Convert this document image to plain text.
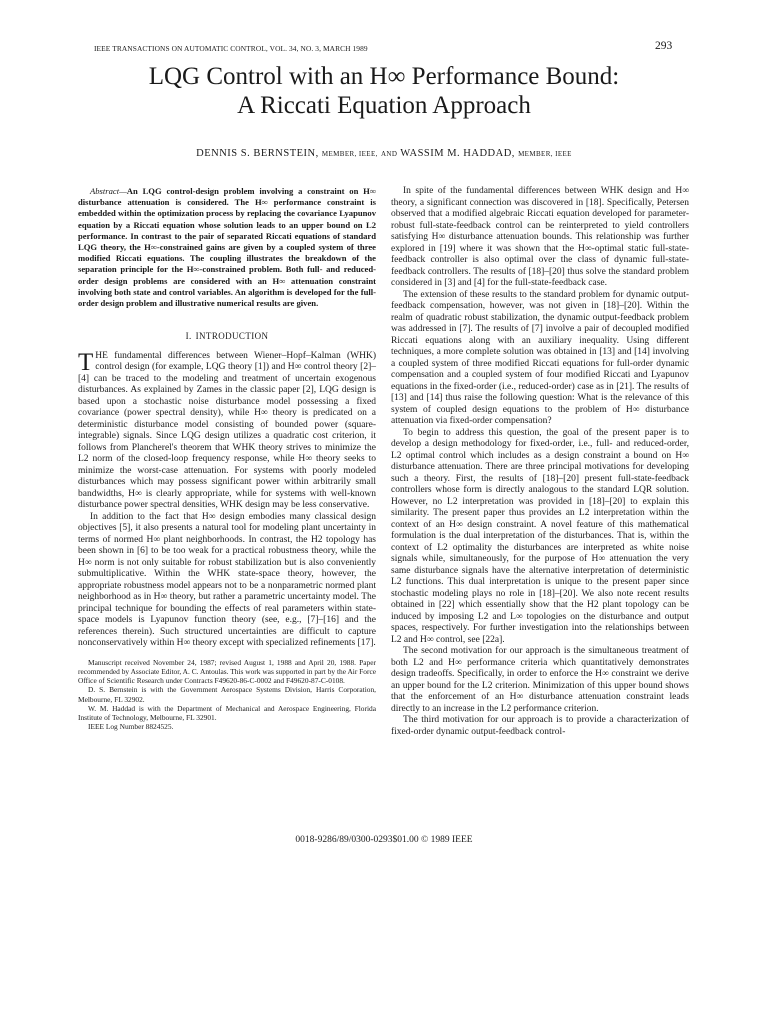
IEEE TRANSACTIONS ON AUTOMATIC CONTROL, VOL. 34, NO. 3, MARCH 1989	293
LQG Control with an H∞ Performance Bound:
A Riccati Equation Approach
DENNIS S. BERNSTEIN, MEMBER, IEEE, AND WASSIM M. HADDAD, MEMBER, IEEE

Abstract—An LQG control-design problem involving a constraint on H∞ disturbance attenuation is considered. The H∞ performance constraint is embedded within the optimization process by replacing the covariance Lyapunov equation by a Riccati equation whose solution leads to an upper bound on L2 performance. In contrast to the pair of separated Riccati equations of standard LQG theory, the H∞-constrained gains are given by a coupled system of three modified Riccati equations. The coupling illustrates the breakdown of the separation principle for the H∞-constrained problem. Both full- and reduced-order design problems are considered with an H∞ attenuation constraint involving both state and control variables. An algorithm is developed for the full-order design problem and illustrative numerical results are given.

I. INTRODUCTION

THE fundamental differences between Wiener–Hopf–Kalman (WHK) control design (for example, LQG theory [1]) and H∞ control theory [2]–[4] can be traced to the modeling and treatment of uncertain exogenous disturbances. As explained by Zames in the classic paper [2], LQG design is based upon a stochastic noise disturbance model possessing a fixed covariance (power spectral density), while H∞ theory is predicated on a deterministic disturbance model consisting of bounded power (square-integrable) signals. Since LQG design utilizes a quadratic cost criterion, it follows from Plancherel's theorem that WHK theory strives to minimize the L2 norm of the closed-loop frequency response, while H∞ theory seeks to minimize the worst-case attenuation. For systems with poorly modeled disturbances which may possess significant power within arbitrarily small bandwidths, H∞ is clearly appropriate, while for systems with well-known disturbance power spectral densities, WHK design may be less conservative.

In addition to the fact that H∞ design embodies many classical design objectives [5], it also presents a natural tool for modeling plant uncertainty in terms of normed H∞ plant neighborhoods. In contrast, the H2 topology has been shown in [6] to be too weak for a practical robustness theory, while the H∞ norm is not only suitable for robust stabilization but is also conveniently submultiplicative. Within the WHK state-space theory, however, the appropriate robustness model appears not to be a nonparametric normed plant neighborhood as in H∞ theory, but rather a parametric uncertainty model. The principal technique for bounding the effects of real parameters within state-space models is Lyapunov function theory (see, e.g., [7]–[16] and the references therein). Such structured uncertainties are difficult to capture nonconservatively within H∞ theory except with specialized refinements [17].

Manuscript received November 24, 1987; revised August 1, 1988 and April 20, 1988. Paper recommended by Associate Editor, A. C. Antoulas. This work was supported in part by the Air Force Office of Scientific Research under Contracts F49620-86-C-0002 and F49620-87-C-0108.

D. S. Bernstein is with the Government Aerospace Systems Division, Harris Corporation, Melbourne, FL 32902.

W. M. Haddad is with the Department of Mechanical and Aerospace Engineering, Florida Institute of Technology, Melbourne, FL 32901.

IEEE Log Number 8824525.

In spite of the fundamental differences between WHK design and H∞ theory, a significant connection was discovered in [18]. Specifically, Petersen observed that a modified algebraic Riccati equation developed for parameter-robust full-state-feedback control can be reinterpreted to yield controllers satisfying H∞ disturbance attenuation bounds. This relationship was further explored in [19] where it was shown that the H∞-optimal static full-state-feedback controller is also optimal over the class of dynamic full-state-feedback controllers. The results of [18]–[20] thus solve the standard problem considered in [3] and [4] for the full-state-feedback case.

The extension of these results to the standard problem for dynamic output-feedback compensation, however, was not given in [18]–[20]. Within the realm of quadratic robust stabilization, the dynamic output-feedback problem was addressed in [7]. The results of [7] involve a pair of decoupled modified Riccati equations along with an auxiliary inequality. Using different techniques, a more complete solution was obtained in [13] and [14] involving a coupled system of three modified Riccati equations for full-order dynamic compensation and a coupled system of four modified Riccati and Lyapunov equations in the fixed-order (i.e., reduced-order) case as in [21]. The results of [13] and [14] thus raise the following question: What is the relevance of this system of coupled design equations to the problem of H∞ disturbance attenuation via fixed-order compensation?

To begin to address this question, the goal of the present paper is to develop a design methodology for fixed-order, i.e., full- and reduced-order, L2 optimal control which includes as a design constraint a bound on H∞ disturbance attenuation. There are three principal motivations for developing such a theory. First, the results of [18]–[20] present full-state-feedback controllers whose form is directly analogous to the standard LQR solution. However, no L2 interpretation was provided in [18]–[20] to explain this similarity. The present paper thus provides an L2 interpretation within the context of an H∞ design constraint. A novel feature of this mathematical formulation is the dual interpretation of the disturbances. That is, within the context of L2 optimality the disturbances are interpreted as white noise signals while, simultaneously, for the purpose of H∞ attenuation the very same disturbance signals have the alternative interpretation of deterministic L2 functions. This dual interpretation is unique to the present paper since stochastic modeling plays no role in [18]–[20]. We also note recent results obtained in [22] which essentially show that the H2 plant topology can be induced by imposing L2 and L∞ topologies on the disturbance and output spaces, respectively. For further investigation into the relationships between L2 and H∞ control, see [22a].

The second motivation for our approach is the simultaneous treatment of both L2 and H∞ performance criteria which quantitatively demonstrates design tradeoffs. Specifically, in order to enforce the H∞ constraint we derive an upper bound for the L2 criterion. Minimization of this upper bound shows that the enforcement of an H∞ disturbance attenuation constraint leads directly to an increase in the L2 performance criterion.

The third motivation for our approach is to provide a characterization of fixed-order dynamic output-feedback control-

0018-9286/89/0300-0293$01.00 © 1989 IEEE
